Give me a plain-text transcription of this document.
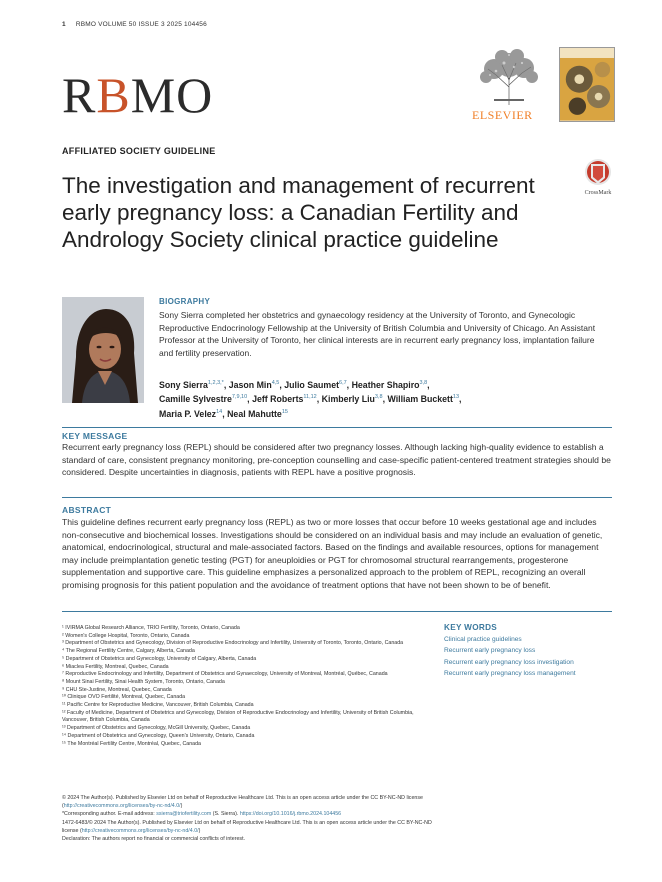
1 RBMO VOLUME 50 ISSUE 3 2025 104456
RBMO	ELSEVIER
AFFILIATED SOCIETY GUIDELINE
The investigation and management of recurrent early pregnancy loss: a Canadian Fertility and Andrology Society clinical practice guideline
CrossMark
BIOGRAPHY
Sony Sierra completed her obstetrics and gynaecology residency at the University of Toronto, and Gynecologic Reproductive Endocrinology Fellowship at the University of British Columbia and University of Chicago. An Assistant Professor at the University of Toronto, her clinical interests are in recurrent early pregnancy loss, implantation failure and fertility preservation.
Sony Sierra$^{1,2,3,*}$, Jason Min$^{4,5}$, Julio Saumet$^{6,7}$, Heather Shapiro$^{3,8}$,
Camille Sylvestre$^{7,9,10}$, Jeff Roberts$^{11,12}$, Kimberly Liu$^{3,8}$, William Buckett$^{13}$,
Maria P. Velez$^{14}$, Neal Mahutte$^{15}$
KEY MESSAGE
Recurrent early pregnancy loss (REPL) should be considered after two pregnancy losses. Although lacking high-quality evidence to establish a standard of care, consistent pregnancy monitoring, pre-conception counselling and case-specific patient-centered treatment strategies should be considered. Despite uncertainties in diagnosis, patients with REPL have a positive prognosis.
ABSTRACT
This guideline defines recurrent early pregnancy loss (REPL) as two or more losses that occur before 10 weeks gestational age and includes non-consecutive and biochemical losses. Investigations should be considered on an individual basis and may include an evaluation of genetic, anatomical, endocrinological, structural and male-associated factors. Based on the findings and available resources, options for management may include preimplantation genetic testing (PGT) for aneuploidies or PGT for chromosomal structural rearrangements, progesterone supplementation and supportive care. This guideline emphasizes a personalized approach to the problem of REPL, recognizing an overall promising prognosis for this patient population and the avoidance of treatment options that have not been shown to be of benefit.
¹ IVIRMA Global Research Alliance, TRIO Fertility, Toronto, Ontario, Canada
² Women's College Hospital, Toronto, Ontario, Canada
³ Department of Obstetrics and Gynecology, Division of Reproductive Endocrinology and Infertility, University of Toronto, Toronto, Ontario, Canada
⁴ The Regional Fertility Centre, Calgary, Alberta, Canada
⁵ Department of Obstetrics and Gynecology, University of Calgary, Alberta, Canada
⁶ Miaclea Fertility, Montreal, Quebec, Canada
⁷ Reproductive Endocrinology and Infertility, Department of Obstetrics and Gynaecology, University of Montreal, Montréal, Québec, Canada
⁸ Mount Sinai Fertility, Sinai Health System, Toronto, Ontario, Canada
⁹ CHU Ste-Justine, Montreal, Quebec, Canada
¹⁰ Clinique OVO Fertilité, Montreal, Quebec, Canada
¹¹ Pacific Centre for Reproductive Medicine, Vancouver, British Columbia, Canada
¹² Faculty of Medicine, Department of Obstetrics and Gynecology, Division of Reproductive Endocrinology and Infertility, University of British Columbia, Vancouver, British Columbia, Canada
¹³ Department of Obstetrics and Gynecology, McGill University, Quebec, Canada
¹⁴ Department of Obstetrics and Gynecology, Queen's University, Ontario, Canada
¹⁵ The Montréal Fertility Centre, Montréal, Quebec, Canada
KEY WORDS
Clinical practice guidelines
Recurrent early pregnancy loss
Recurrent early pregnancy loss investigation
Recurrent early pregnancy loss management
© 2024 The Author(s). Published by Elsevier Ltd on behalf of Reproductive Healthcare Ltd. This is an open access article under the CC BY-NC-ND license (http://creativecommons.org/licenses/by-nc-nd/4.0/)
*Corresponding author. E-mail address: ssierra@triofertility.com (S. Sierra). https://doi.org/10.1016/j.rbmo.2024.104456
1472-6483/© 2024 The Author(s). Published by Elsevier Ltd on behalf of Reproductive Healthcare Ltd. This is an open access article under the CC BY-NC-ND license (http://creativecommons.org/licenses/by-nc-nd/4.0/)
Declaration: The authors report no financial or commercial conflicts of interest.
